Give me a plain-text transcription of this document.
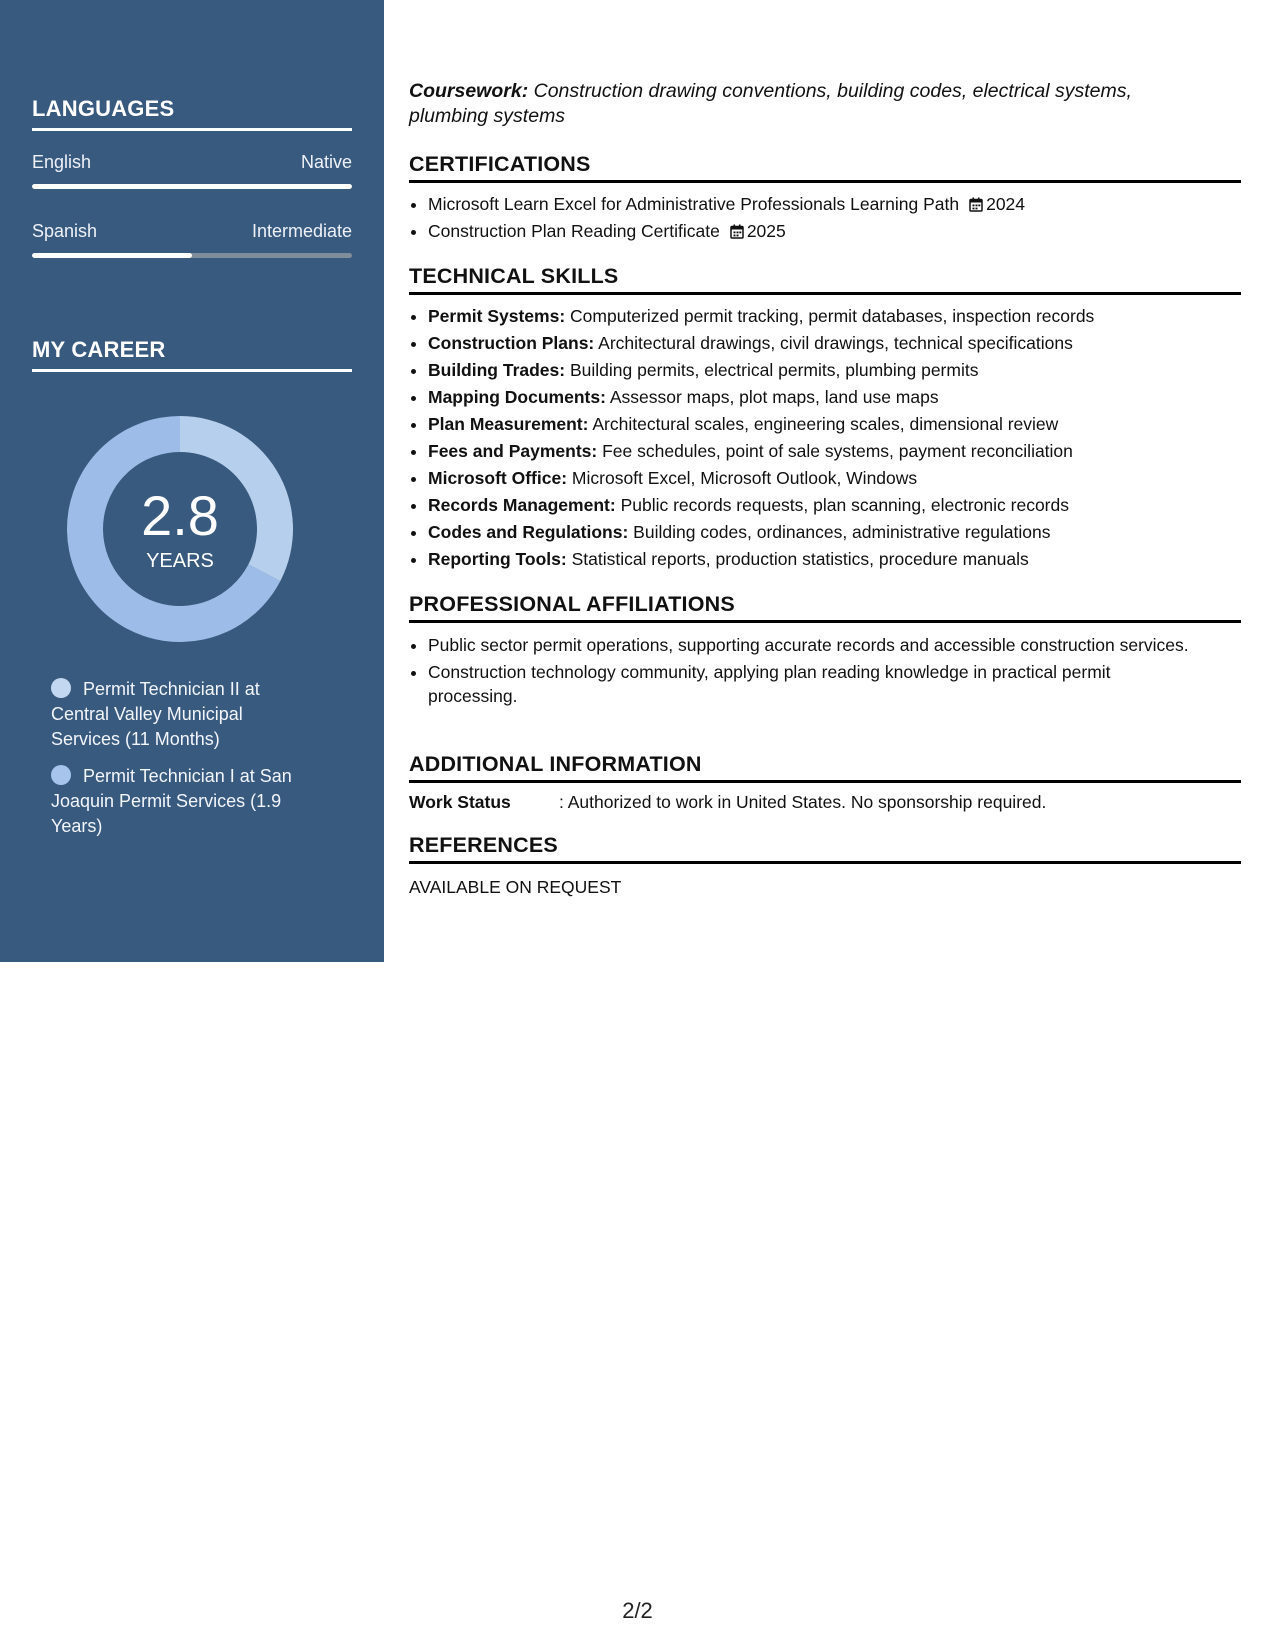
LANGUAGES
English	Native
Spanish	Intermediate
MY CAREER
2.8
YEARS
Permit Technician II at Central Valley Municipal Services (11 Months)
Permit Technician I at San Joaquin Permit Services (1.9 Years)
Coursework: Construction drawing conventions, building codes, electrical systems, plumbing systems
CERTIFICATIONS
• Microsoft Learn Excel for Administrative Professionals Learning Path 2024
• Construction Plan Reading Certificate 2025
TECHNICAL SKILLS
• Permit Systems: Computerized permit tracking, permit databases, inspection records
• Construction Plans: Architectural drawings, civil drawings, technical specifications
• Building Trades: Building permits, electrical permits, plumbing permits
• Mapping Documents: Assessor maps, plot maps, land use maps
• Plan Measurement: Architectural scales, engineering scales, dimensional review
• Fees and Payments: Fee schedules, point of sale systems, payment reconciliation
• Microsoft Office: Microsoft Excel, Microsoft Outlook, Windows
• Records Management: Public records requests, plan scanning, electronic records
• Codes and Regulations: Building codes, ordinances, administrative regulations
• Reporting Tools: Statistical reports, production statistics, procedure manuals
PROFESSIONAL AFFILIATIONS
• Public sector permit operations, supporting accurate records and accessible construction services.
• Construction technology community, applying plan reading knowledge in practical permit processing.
ADDITIONAL INFORMATION
Work Status	: Authorized to work in United States. No sponsorship required.
REFERENCES
AVAILABLE ON REQUEST
2/2
